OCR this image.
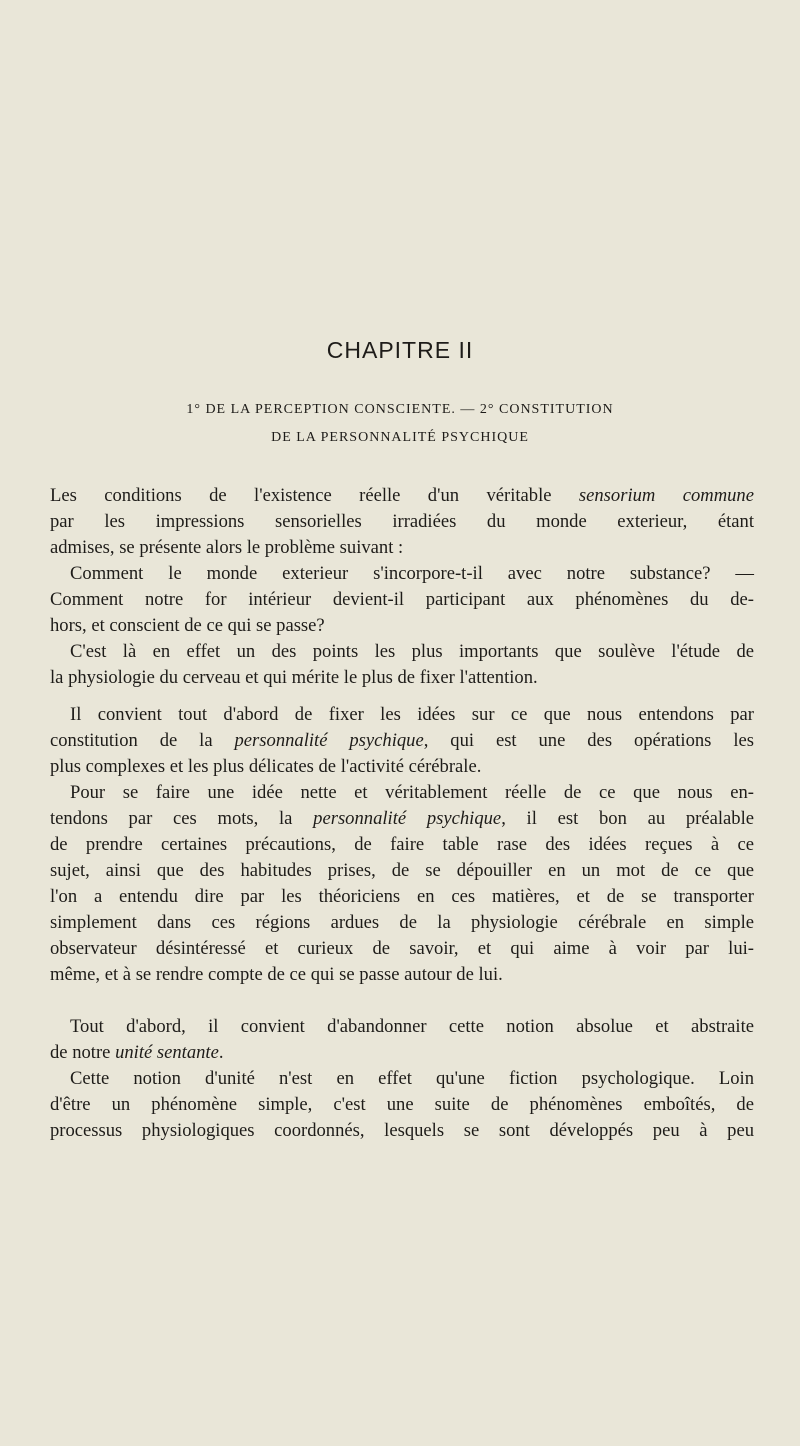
CHAPITRE II

1° DE LA PERCEPTION CONSCIENTE. — 2° CONSTITUTION

DE LA PERSONNALITÉ PSYCHIQUE

Les conditions de l'existence réelle d'un véritable sensorium commune
par les impressions sensorielles irradiées du monde exterieur, étant
admises, se présente alors le problème suivant :
Comment le monde exterieur s'incorpore-t-il avec notre substance? —
Comment notre for intérieur devient-il participant aux phénomènes du de-
hors, et conscient de ce qui se passe?
C'est là en effet un des points les plus importants que soulève l'étude de
la physiologie du cerveau et qui mérite le plus de fixer l'attention.
Il convient tout d'abord de fixer les idées sur ce que nous entendons par
constitution de la personnalité psychique, qui est une des opérations les
plus complexes et les plus délicates de l'activité cérébrale.
Pour se faire une idée nette et véritablement réelle de ce que nous en-
tendons par ces mots, la personnalité psychique, il est bon au préalable
de prendre certaines précautions, de faire table rase des idées reçues à ce
sujet, ainsi que des habitudes prises, de se dépouiller en un mot de ce que
l'on a entendu dire par les théoriciens en ces matières, et de se transporter
simplement dans ces régions ardues de la physiologie cérébrale en simple
observateur désintéressé et curieux de savoir, et qui aime à voir par lui-
même, et à se rendre compte de ce qui se passe autour de lui.
Tout d'abord, il convient d'abandonner cette notion absolue et abstraite
de notre unité sentante.
Cette notion d'unité n'est en effet qu'une fiction psychologique. Loin
d'être un phénomène simple, c'est une suite de phénomènes emboîtés, de
processus physiologiques coordonnés, lesquels se sont développés peu à peu
